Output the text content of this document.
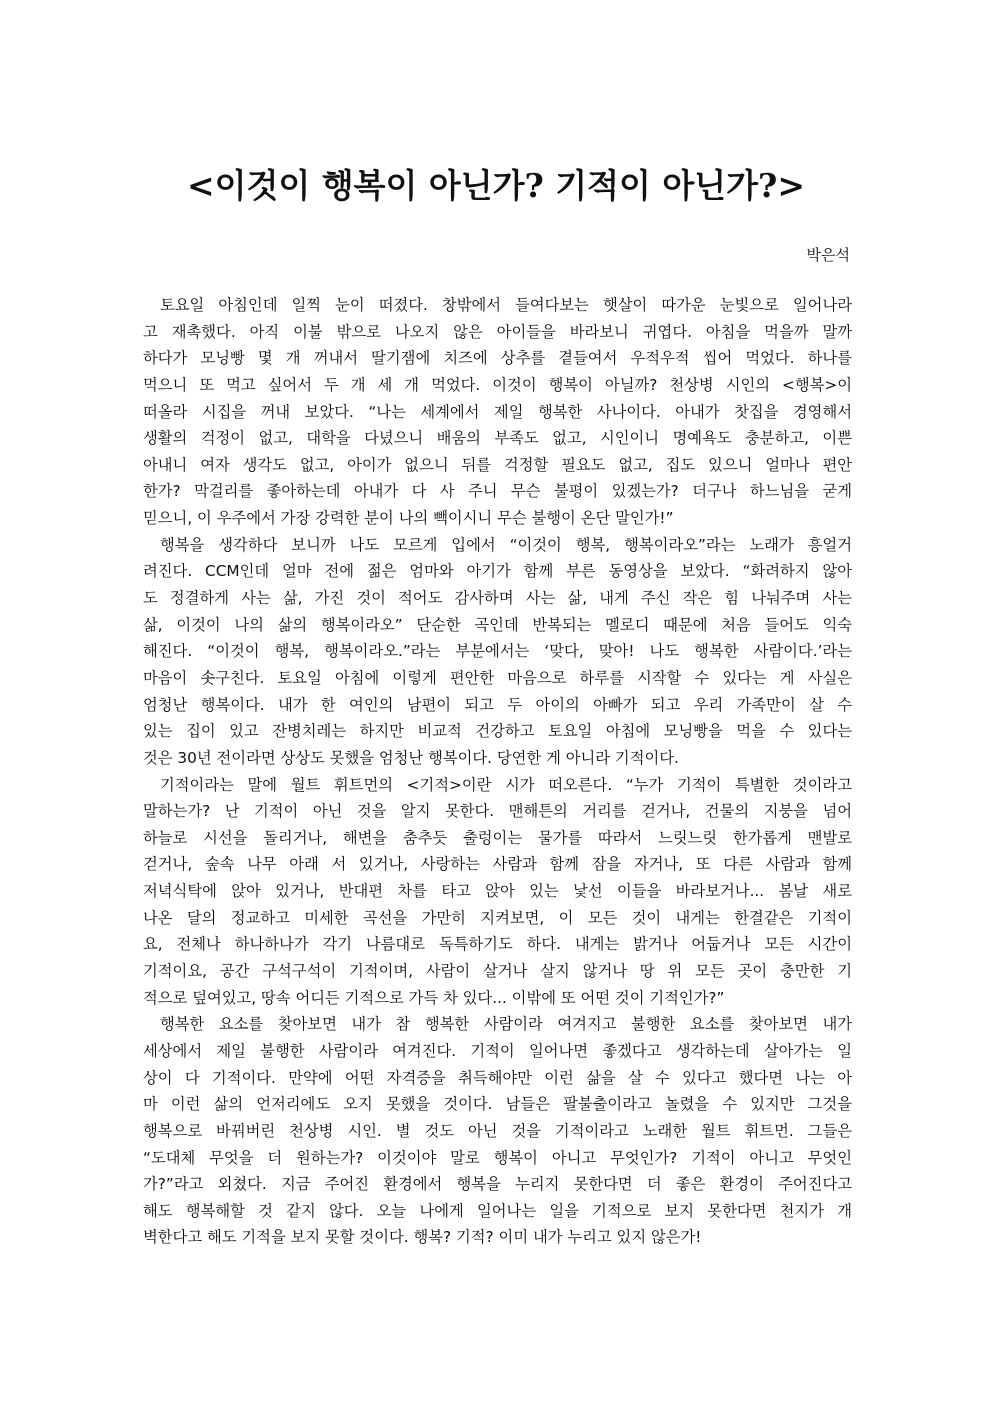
<이것이 행복이 아닌가? 기적이 아닌가?>
박은석
토요일 아침인데 일찍 눈이 떠졌다. 창밖에서 들여다보는 햇살이 따가운 눈빛으로 일어나라
고 재촉했다. 아직 이불 밖으로 나오지 않은 아이들을 바라보니 귀엽다. 아침을 먹을까 말까
하다가 모닝빵 몇 개 꺼내서 딸기잼에 치즈에 상추를 곁들여서 우적우적 씹어 먹었다. 하나를
먹으니 또 먹고 싶어서 두 개 세 개 먹었다. 이것이 행복이 아닐까? 천상병 시인의 <행복>이
떠올라 시집을 꺼내 보았다. “나는 세계에서 제일 행복한 사나이다. 아내가 찻집을 경영해서
생활의 걱정이 없고, 대학을 다녔으니 배움의 부족도 없고, 시인이니 명예욕도 충분하고, 이쁜
아내니 여자 생각도 없고, 아이가 없으니 뒤를 걱정할 필요도 없고, 집도 있으니 얼마나 편안
한가? 막걸리를 좋아하는데 아내가 다 사 주니 무슨 불평이 있겠는가? 더구나 하느님을 굳게
믿으니, 이 우주에서 가장 강력한 분이 나의 빽이시니 무슨 불행이 온단 말인가!”
행복을 생각하다 보니까 나도 모르게 입에서 “이것이 행복, 행복이라오”라는 노래가 흥얼거
려진다. CCM인데 얼마 전에 젊은 엄마와 아기가 함께 부른 동영상을 보았다. “화려하지 않아
도 정결하게 사는 삶, 가진 것이 적어도 감사하며 사는 삶, 내게 주신 작은 힘 나눠주며 사는
삶, 이것이 나의 삶의 행복이라오” 단순한 곡인데 반복되는 멜로디 때문에 처음 들어도 익숙
해진다. “이것이 행복, 행복이라오.”라는 부분에서는 ‘맞다, 맞아! 나도 행복한 사람이다.’라는
마음이 솟구친다. 토요일 아침에 이렇게 편안한 마음으로 하루를 시작할 수 있다는 게 사실은
엄청난 행복이다. 내가 한 여인의 남편이 되고 두 아이의 아빠가 되고 우리 가족만이 살 수
있는 집이 있고 잔병치레는 하지만 비교적 건강하고 토요일 아침에 모닝빵을 먹을 수 있다는
것은 30년 전이라면 상상도 못했을 엄청난 행복이다. 당연한 게 아니라 기적이다.
기적이라는 말에 월트 휘트먼의 <기적>이란 시가 떠오른다. “누가 기적이 특별한 것이라고
말하는가? 난 기적이 아닌 것을 알지 못한다. 맨해튼의 거리를 걷거나, 건물의 지붕을 넘어
하늘로 시선을 돌리거나, 해변을 춤추듯 출렁이는 물가를 따라서 느릿느릿 한가롭게 맨발로
걷거나, 숲속 나무 아래 서 있거나, 사랑하는 사람과 함께 잠을 자거나, 또 다른 사람과 함께
저녁식탁에 앉아 있거나, 반대편 차를 타고 앉아 있는 낯선 이들을 바라보거나... 봄날 새로
나온 달의 정교하고 미세한 곡선을 가만히 지켜보면, 이 모든 것이 내게는 한결같은 기적이
요, 전체나 하나하나가 각기 나름대로 독특하기도 하다. 내게는 밝거나 어둡거나 모든 시간이
기적이요, 공간 구석구석이 기적이며, 사람이 살거나 살지 않거나 땅 위 모든 곳이 충만한 기
적으로 덮여있고, 땅속 어디든 기적으로 가득 차 있다... 이밖에 또 어떤 것이 기적인가?”
행복한 요소를 찾아보면 내가 참 행복한 사람이라 여겨지고 불행한 요소를 찾아보면 내가
세상에서 제일 불행한 사람이라 여겨진다. 기적이 일어나면 좋겠다고 생각하는데 살아가는 일
상이 다 기적이다. 만약에 어떤 자격증을 취득해야만 이런 삶을 살 수 있다고 했다면 나는 아
마 이런 삶의 언저리에도 오지 못했을 것이다. 남들은 팔불출이라고 놀렸을 수 있지만 그것을
행복으로 바꿔버린 천상병 시인. 별 것도 아닌 것을 기적이라고 노래한 월트 휘트먼. 그들은
“도대체 무엇을 더 원하는가? 이것이야 말로 행복이 아니고 무엇인가? 기적이 아니고 무엇인
가?”라고 외쳤다. 지금 주어진 환경에서 행복을 누리지 못한다면 더 좋은 환경이 주어진다고
해도 행복해할 것 같지 않다. 오늘 나에게 일어나는 일을 기적으로 보지 못한다면 천지가 개
벽한다고 해도 기적을 보지 못할 것이다. 행복? 기적? 이미 내가 누리고 있지 않은가!
